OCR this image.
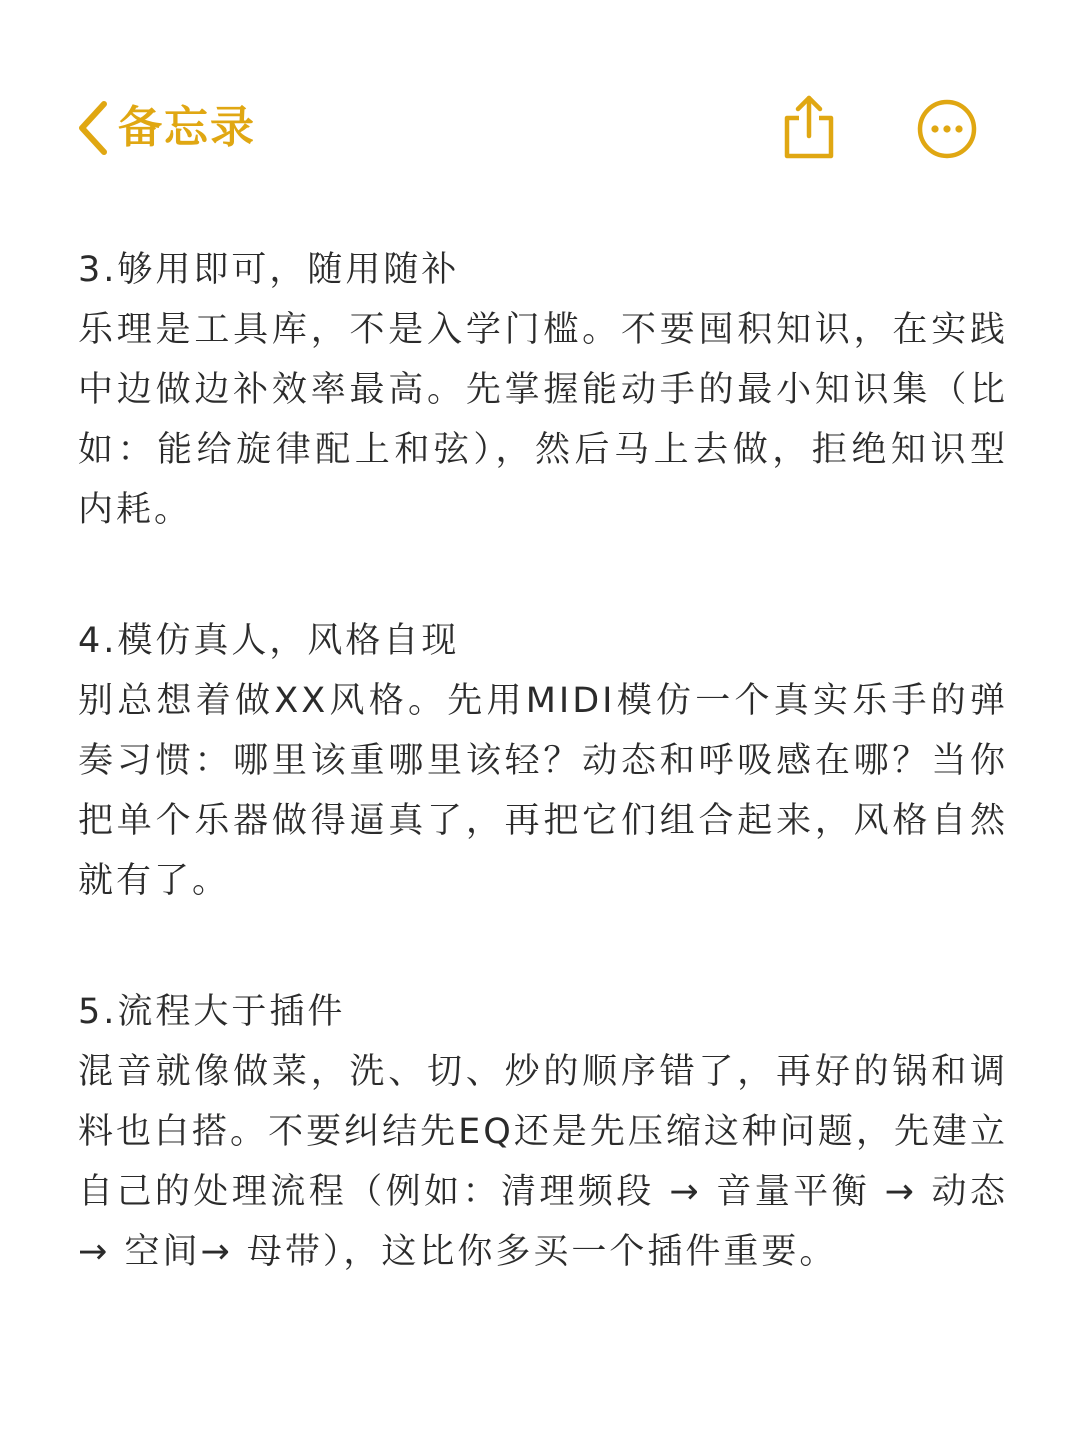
备忘录

3.够用即可，随用随补

乐理是工具库，不是入学门槛。不要囤积知识，在实践中边做边补效率最高。先掌握能动手的最小知识集（比如：能给旋律配上和弦），然后马上去做，拒绝知识型内耗。

4.模仿真人，风格自现

别总想着做XX风格。先用MIDI模仿一个真实乐手的弹奏习惯：哪里该重哪里该轻？动态和呼吸感在哪？当你把单个乐器做得逼真了，再把它们组合起来，风格自然就有了。

5.流程大于插件

混音就像做菜，洗、切、炒的顺序错了，再好的锅和调料也白搭。不要纠结先EQ还是先压缩这种问题，先建立自己的处理流程（例如：清理频段 → 音量平衡 → 动态 → 空间→ 母带），这比你多买一个插件重要。
